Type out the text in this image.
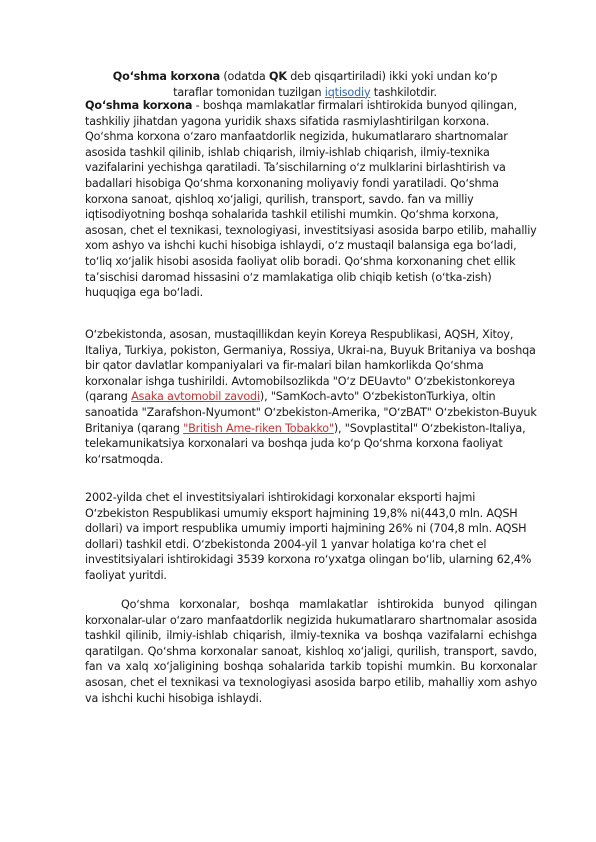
Qoʻshma korxona (odatda QK deb qisqartiriladi) ikki yoki undan koʻp taraflar tomonidan tuzilgan iqtisodiy tashkilotdir.

Qoʻshma korxona - boshqa mamlakatlar firmalari ishtirokida bunyod qilingan, tashkiliy jihatdan yagona yuridik shaxs sifatida rasmiylashtirilgan korxona. Qoʻshma korxona oʻzaro manfaatdorlik negizida, hukumatlararo shartnomalar asosida tashkil qilinib, ishlab chiqarish, ilmiy-ishlab chiqarish, ilmiy-texnika vazifalarini yechishga qaratiladi. Taʼsischilarning oʻz mulklarini birlashtirish va badallari hisobiga Qoʻshma korxonaning moliyaviy fondi yaratiladi. Qoʻshma korxona sanoat, qishloq xoʻjaligi, qurilish, transport, savdo. fan va milliy iqtisodiyotning boshqa sohalarida tashkil etilishi mumkin. Qoʻshma korxona, asosan, chet el texnikasi, texnologiyasi, investitsiyasi asosida barpo etilib, mahalliy xom ashyo va ishchi kuchi hisobiga ishlaydi, oʻz mustaqil balansiga ega boʻladi, toʻliq xoʻjalik hisobi asosida faoliyat olib boradi. Qoʻshma korxonaning chet ellik taʼsischisi daromad hissasini oʻz mamlakatiga olib chiqib ketish (oʻtka-zish) huquqiga ega boʻladi.

Oʻzbekistonda, asosan, mustaqillikdan keyin Koreya Respublikasi, AQSH, Xitoy, Italiya, Turkiya, pokiston, Germaniya, Rossiya, Ukrai-na, Buyuk Britaniya va boshqa bir qator davlatlar kompaniyalari va fir-malari bilan hamkorlikda Qoʻshma korxonalar ishga tushirildi. Avtomobilsozlikda "Oʻz DEUavto" Oʻzbekistonkoreya (qarang Asaka avtomobil zavodi), "SamKoch-avto" OʻzbekistonTurkiya, oltin sanoatida "Zarafshon-Nyumont" Oʻzbekiston-Amerika, "OʻzBAT" Oʻzbekiston-Buyuk Britaniya (qarang "British Ame-riken Tobakko"), "Sovplastital" Oʻzbekiston-Italiya, telekamunikatsiya korxonalari va boshqa juda koʻp Qoʻshma korxona faoliyat koʻrsatmoqda.

2002-yilda chet el investitsiyalari ishtirokidagi korxonalar eksporti hajmi Oʻzbekiston Respublikasi umumiy eksport hajmining 19,8% ni(443,0 mln. AQSH dollari) va import respublika umumiy importi hajmining 26% ni (704,8 mln. AQSH dollari) tashkil etdi. Oʻzbekistonda 2004-yil 1 yanvar holatiga koʻra chet el investitsiyalari ishtirokidagi 3539 korxona roʻyxatga olingan boʻlib, ularning 62,4% faoliyat yuritdi.

Qoʻshma korxonalar, boshqa mamlakatlar ishtirokida bunyod qilingan korxonalar-ular oʻzaro manfaatdorlik negizida hukumatlararo shartnomalar asosida tashkil qilinib, ilmiy-ishlab chiqarish, ilmiy-texnika va boshqa vazifalarni echishga qaratilgan. Qoʻshma korxonalar sanoat, kishloq xoʻjaligi, qurilish, transport, savdo, fan va xalq xoʻjaligining boshqa sohalarida tarkib topishi mumkin. Bu korxonalar asosan, chet el texnikasi va texnologiyasi asosida barpo etilib, mahalliy xom ashyo va ishchi kuchi hisobiga ishlaydi.
